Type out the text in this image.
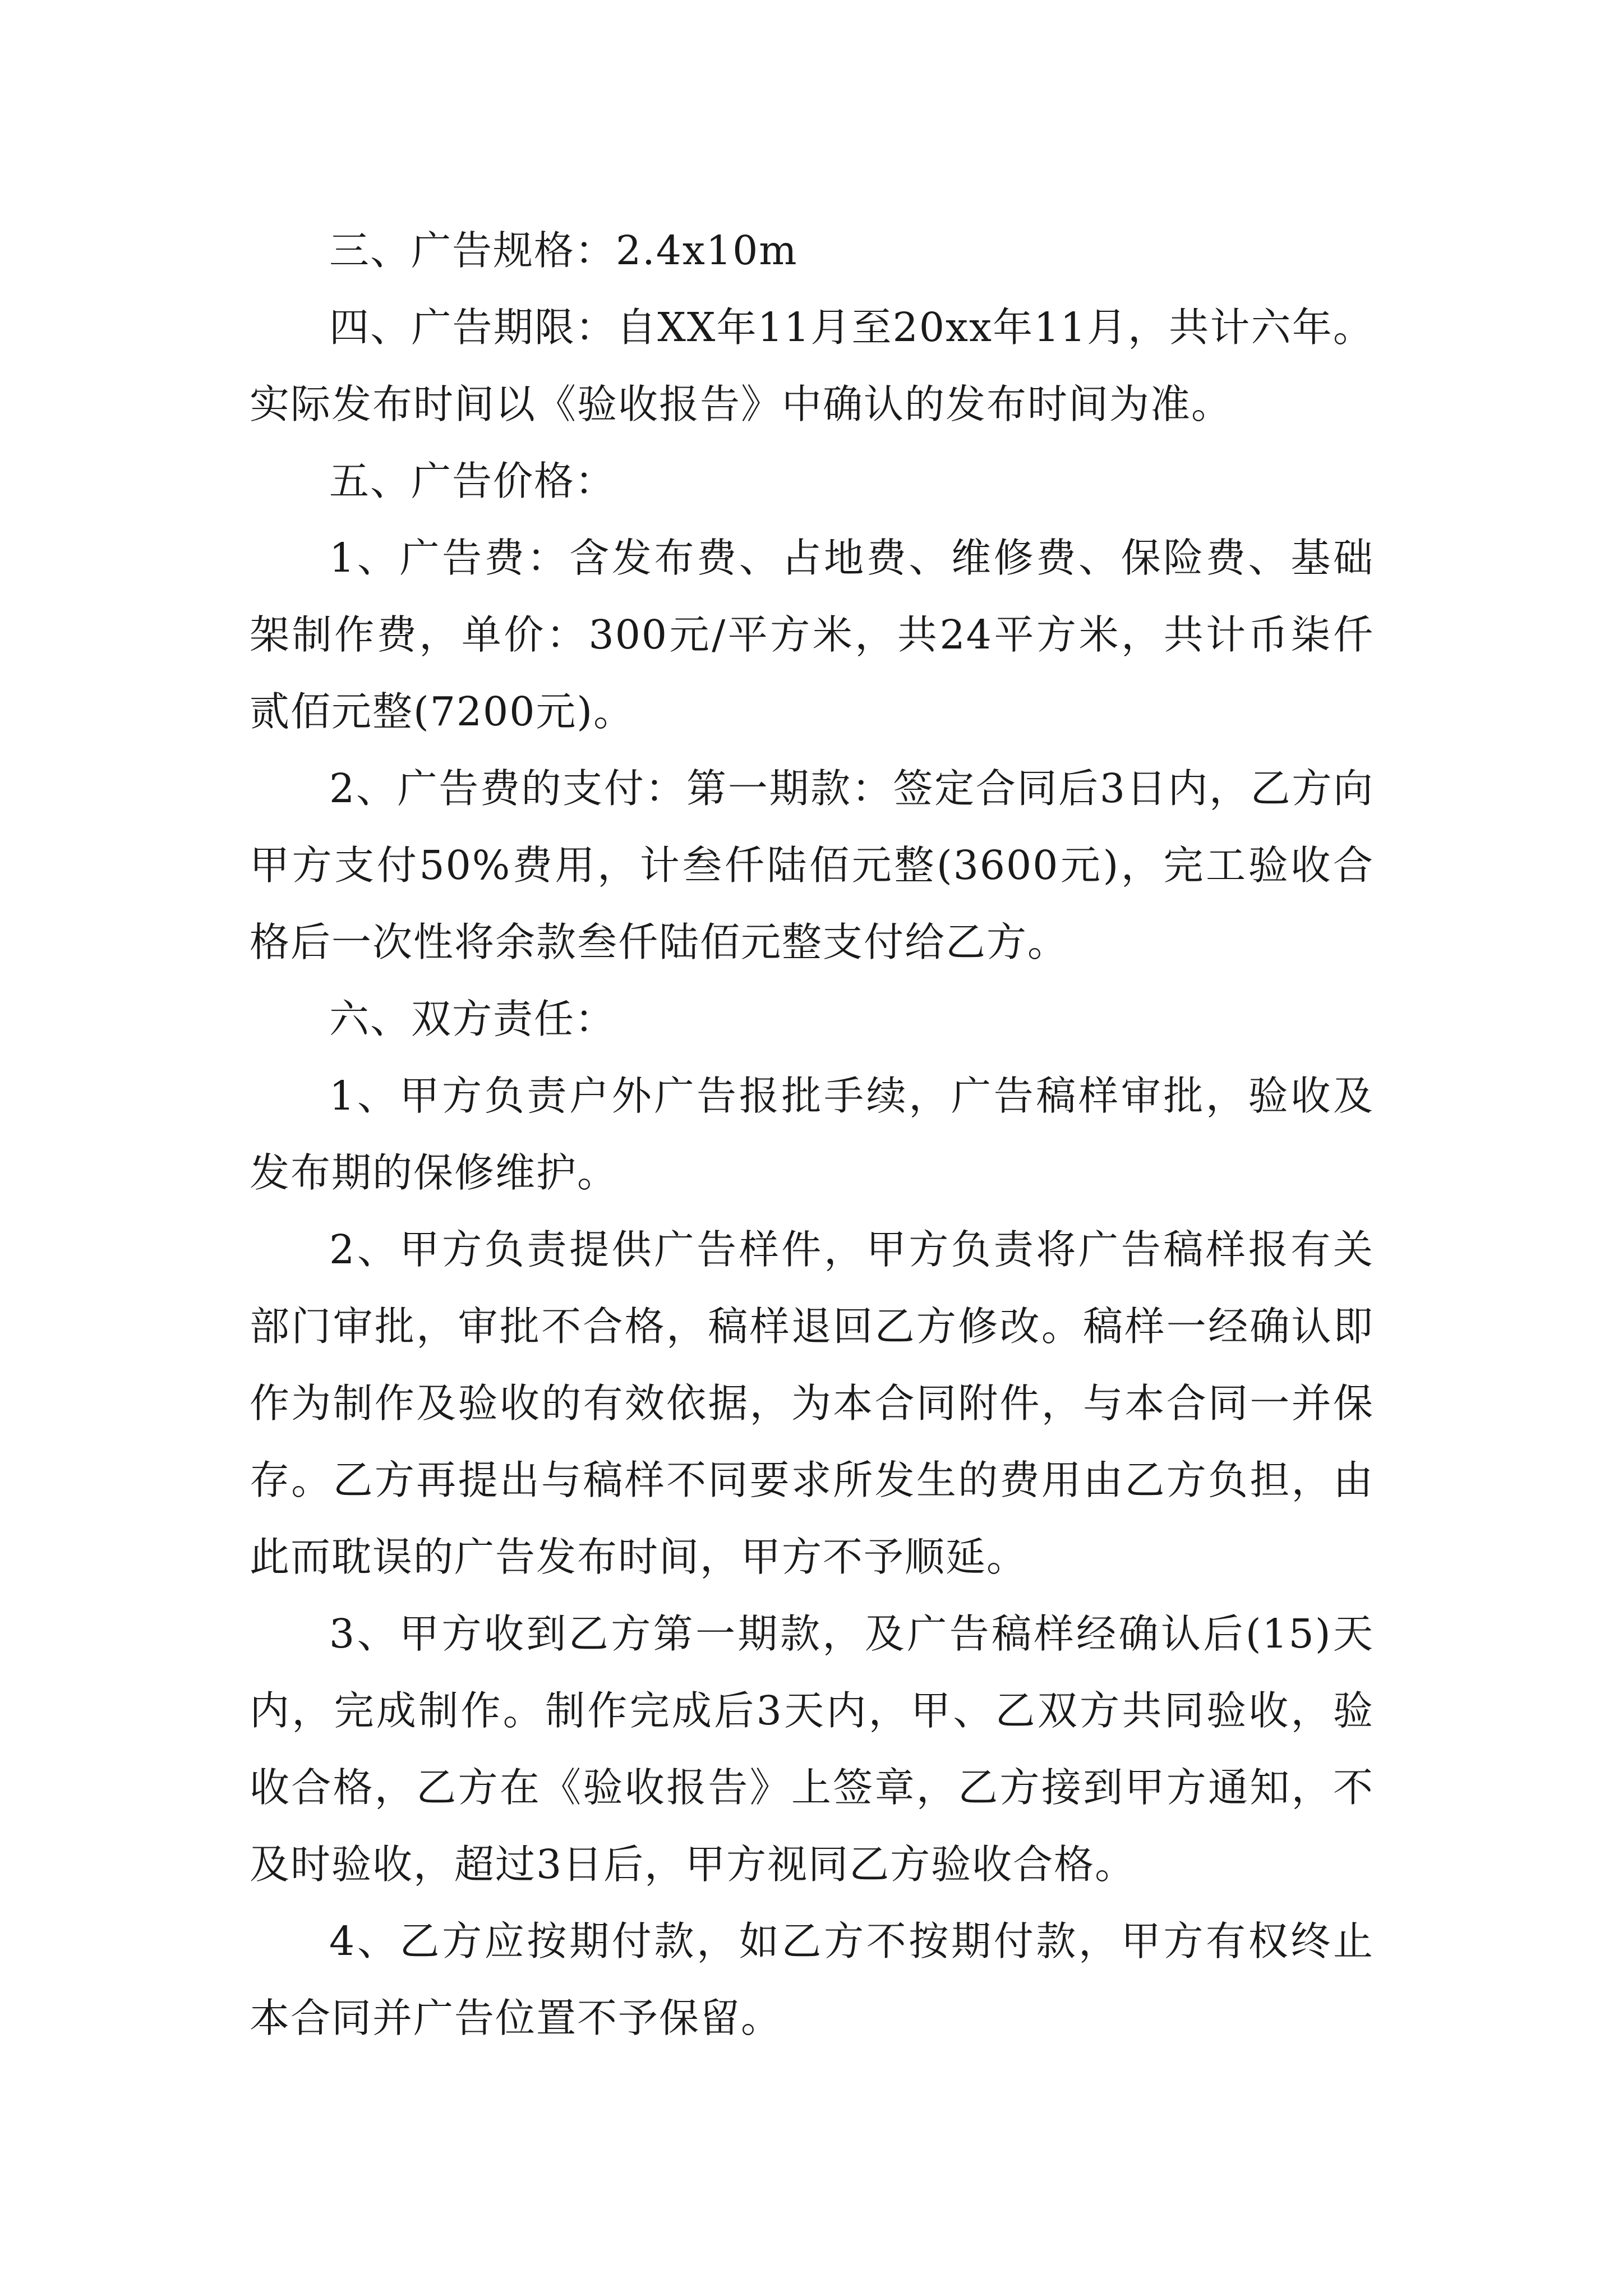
三、广告规格：2.4x10m

四、广告期限：自XX年11月至20xx年11月，共计六年。实际发布时间以《验收报告》中确认的发布时间为准。

五、广告价格：

1、广告费：含发布费、占地费、维修费、保险费、基础架制作费，单价：300元/平方米，共24平方米，共计币柒仟贰佰元整(7200元)。

2、广告费的支付：第一期款：签定合同后3日内，乙方向甲方支付50%费用，计叁仟陆佰元整(3600元)，完工验收合格后一次性将余款叁仟陆佰元整支付给乙方。

六、双方责任：

1、甲方负责户外广告报批手续，广告稿样审批，验收及发布期的保修维护。

2、甲方负责提供广告样件，甲方负责将广告稿样报有关部门审批，审批不合格，稿样退回乙方修改。稿样一经确认即作为制作及验收的有效依据，为本合同附件，与本合同一并保存。乙方再提出与稿样不同要求所发生的费用由乙方负担，由此而耽误的广告发布时间，甲方不予顺延。

3、甲方收到乙方第一期款，及广告稿样经确认后(15)天内，完成制作。制作完成后3天内，甲、乙双方共同验收，验收合格，乙方在《验收报告》上签章，乙方接到甲方通知，不及时验收，超过3日后，甲方视同乙方验收合格。

4、乙方应按期付款，如乙方不按期付款，甲方有权终止本合同并广告位置不予保留。
